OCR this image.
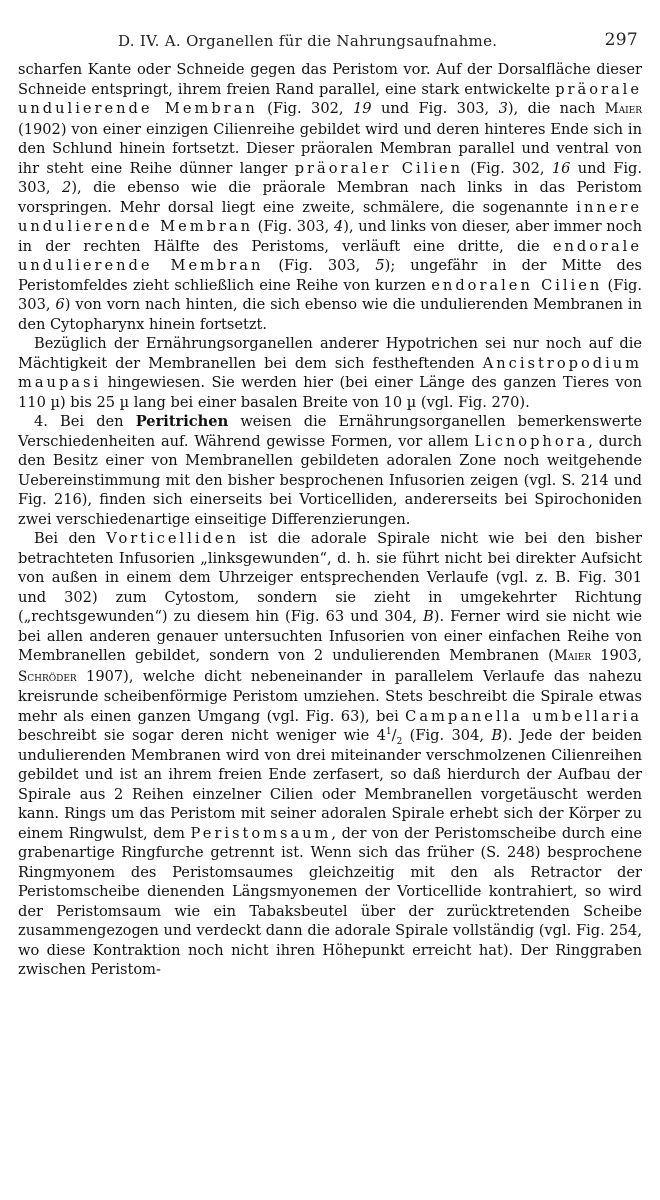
D. IV. A. Organellen für die Nahrungsaufnahme.	297

scharfen Kante oder Schneide gegen das Peristom vor. Auf der Dorsalfläche dieser Schneide entspringt, ihrem freien Rand parallel, eine stark entwickelte präorale undulierende Membran (Fig. 302, 19 und Fig. 303, 3), die nach Maier (1902) von einer einzigen Cilienreihe gebildet wird und deren hinteres Ende sich in den Schlund hinein fortsetzt. Dieser präoralen Membran parallel und ventral von ihr steht eine Reihe dünner langer präoraler Cilien (Fig. 302, 16 und Fig. 303, 2), die ebenso wie die präorale Membran nach links in das Peristom vorspringen. Mehr dorsal liegt eine zweite, schmälere, die sogenannte innere undulierende Membran (Fig. 303, 4), und links von dieser, aber immer noch in der rechten Hälfte des Peristoms, verläuft eine dritte, die endorale undulierende Membran (Fig. 303, 5); ungefähr in der Mitte des Peristomfeldes zieht schließlich eine Reihe von kurzen endoralen Cilien (Fig. 303, 6) von vorn nach hinten, die sich ebenso wie die undulierenden Membranen in den Cytopharynx hinein fortsetzt.

Bezüglich der Ernährungsorganellen anderer Hypotrichen sei nur noch auf die Mächtigkeit der Membranellen bei dem sich festheftenden Ancistropodium maupasi hingewiesen. Sie werden hier (bei einer Länge des ganzen Tieres von 110 µ) bis 25 µ lang bei einer basalen Breite von 10 µ (vgl. Fig. 270).

4. Bei den Peritrichen weisen die Ernährungsorganellen bemerkenswerte Verschiedenheiten auf. Während gewisse Formen, vor allem Licnophora, durch den Besitz einer von Membranellen gebildeten adoralen Zone noch weitgehende Uebereinstimmung mit den bisher besprochenen Infusorien zeigen (vgl. S. 214 und Fig. 216), finden sich einerseits bei Vorticelliden, andererseits bei Spirochoniden zwei verschiedenartige einseitige Differenzierungen.

Bei den Vorticelliden ist die adorale Spirale nicht wie bei den bisher betrachteten Infusorien „linksgewunden“, d. h. sie führt nicht bei direkter Aufsicht von außen in einem dem Uhrzeiger entsprechenden Verlaufe (vgl. z. B. Fig. 301 und 302) zum Cytostom, sondern sie zieht in umgekehrter Richtung („rechtsgewunden“) zu diesem hin (Fig. 63 und 304, B). Ferner wird sie nicht wie bei allen anderen genauer untersuchten Infusorien von einer einfachen Reihe von Membranellen gebildet, sondern von 2 undulierenden Membranen (Maier 1903, Schröder 1907), welche dicht nebeneinander in parallelem Verlaufe das nahezu kreisrunde scheibenförmige Peristom umziehen. Stets beschreibt die Spirale etwas mehr als einen ganzen Umgang (vgl. Fig. 63), bei Campanella umbellaria beschreibt sie sogar deren nicht weniger wie $4^1/_2$ (Fig. 304, B). Jede der beiden undulierenden Membranen wird von drei miteinander verschmolzenen Cilienreihen gebildet und ist an ihrem freien Ende zerfasert, so daß hierdurch der Aufbau der Spirale aus 2 Reihen einzelner Cilien oder Membranellen vorgetäuscht werden kann. Rings um das Peristom mit seiner adoralen Spirale erhebt sich der Körper zu einem Ringwulst, dem Peristomsaum, der von der Peristomscheibe durch eine grabenartige Ringfurche getrennt ist. Wenn sich das früher (S. 248) besprochene Ringmyonem des Peristomsaumes gleichzeitig mit den als Retractor der Peristomscheibe dienenden Längsmyonemen der Vorticellide kontrahiert, so wird der Peristomsaum wie ein Tabaksbeutel über der zurücktretenden Scheibe zusammengezogen und verdeckt dann die adorale Spirale vollständig (vgl. Fig. 254, wo diese Kontraktion noch nicht ihren Höhepunkt erreicht hat). Der Ringgraben zwischen Peristom-
